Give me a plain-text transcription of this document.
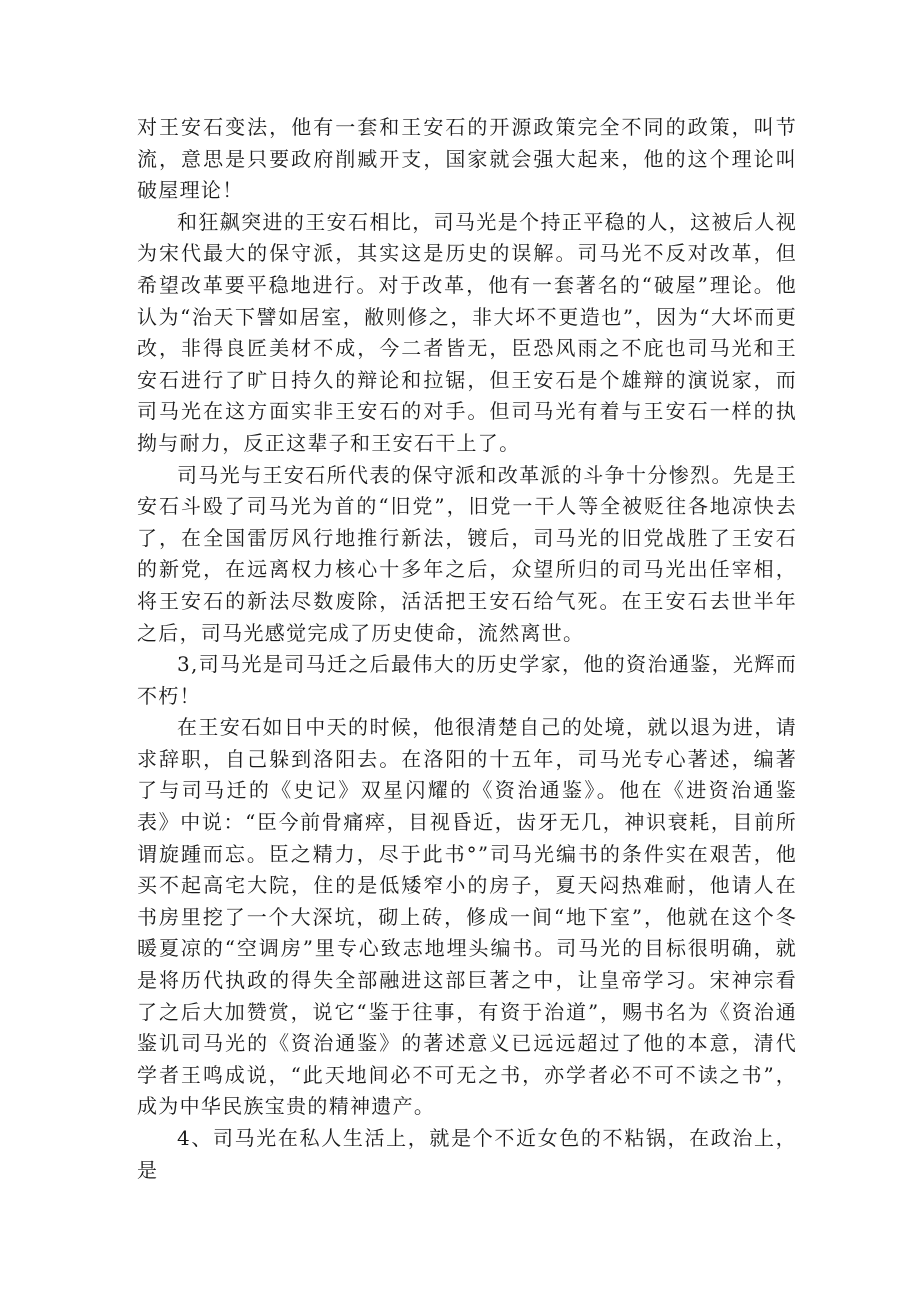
对王安石变法，他有一套和王安石的开源政策完全不同的政策，叫节流，意思是只要政府削臧开支，国家就会强大起来，他的这个理论叫破屋理论！

和狂飙突进的王安石相比，司马光是个持正平稳的人，这被后人视为宋代最大的保守派，其实这是历史的误解。司马光不反对改革，但希望改革要平稳地进行。对于改革，他有一套著名的“破屋”理论。他认为“治天下譬如居室，敝则修之，非大坏不更造也”，因为“大坏而更改，非得良匠美材不成，今二者皆无，臣恐风雨之不庇也司马光和王安石进行了旷日持久的辩论和拉锯，但王安石是个雄辩的演说家，而司马光在这方面实非王安石的对手。但司马光有着与王安石一样的执拗与耐力，反正这辈子和王安石干上了。

司马光与王安石所代表的保守派和改革派的斗争十分惨烈。先是王安石斗殴了司马光为首的“旧党”，旧党一干人等全被贬往各地凉快去了，在全国雷厉风行地推行新法，镀后，司马光的旧党战胜了王安石的新党，在远离权力核心十多年之后，众望所归的司马光出任宰相，将王安石的新法尽数废除，活活把王安石给气死。在王安石去世半年之后，司马光感觉完成了历史使命，流然离世。

3,司马光是司马迁之后最伟大的历史学家，他的资治通鉴，光辉而不朽！

在王安石如日中天的时候，他很清楚自己的处境，就以退为进，请求辞职，自己躲到洛阳去。在洛阳的十五年，司马光专心著述，编著了与司马迁的《史记》双星闪耀的《资治通鉴》。他在《进资治通鉴表》中说：“臣今前骨痛瘁，目视昏近，齿牙无几，神识衰耗，目前所谓旋踵而忘。臣之精力，尽于此书°”司马光编书的条件实在艰苦，他买不起高宅大院，住的是低矮窄小的房子，夏天闷热难耐，他请人在书房里挖了一个大深坑，砌上砖，修成一间“地下室”，他就在这个冬暖夏凉的“空调房”里专心致志地埋头编书。司马光的目标很明确，就是将历代执政的得失全部融进这部巨著之中，让皇帝学习。宋神宗看了之后大加赞赏，说它“鉴于往事，有资于治道”，赐书名为《资治通鉴讥司马光的《资治通鉴》的著述意义已远远超过了他的本意，清代学者王鸣成说，“此天地间必不可无之书，亦学者必不可不读之书”，成为中华民族宝贵的精神遗产。

4、司马光在私人生活上，就是个不近女色的不粘锅，在政治上，是
